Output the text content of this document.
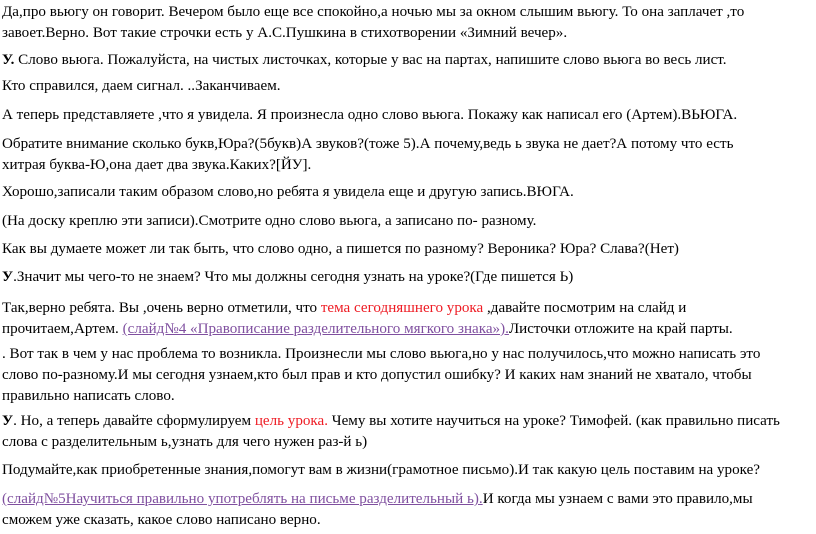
Да,про вьюгу он говорит. Вечером было еще все спокойно,а ночью мы за окном слышим вьюгу. То она заплачет ,то
завоет.Верно. Вот такие строчки есть у А.С.Пушкина в стихотворении «Зимний вечер».

У. Слово вьюга. Пожалуйста, на чистых листочках, которые у вас на партах, напишите слово вьюга во весь лист.

Кто справился, даем сигнал. ..Заканчиваем.

А теперь представляете ,что я увидела. Я произнесла одно слово вьюга. Покажу как написал его (Артем).ВЬЮГА.

Обратите внимание сколько букв,Юра?(5букв)А звуков?(тоже 5).А почему,ведь ь звука не дает?А потому что есть
хитрая буква-Ю,она дает два звука.Каких?[ЙУ].

Хорошо,записали таким образом слово,но ребята я увидела еще и другую запись.ВЮГА.

(На доску креплю эти записи).Смотрите одно слово вьюга, а записано по- разному.

Как вы думаете может ли так быть, что слово одно, а пишется по разному? Вероника? Юра? Слава?(Нет)

У.Значит мы чего-то не знаем? Что мы должны сегодня узнать на уроке?(Где пишется Ь)

Так,верно ребята. Вы ,очень верно отметили, что тема сегодняшнего урока ,давайте посмотрим на слайд и
прочитаем,Артем. (слайд№4 «Правописание разделительного мягкого знака»).Листочки отложите на край парты.

. Вот так в чем у нас проблема то возникла. Произнесли мы слово вьюга,но у нас получилось,что можно написать это
слово по-разному.И мы сегодня узнаем,кто был прав и кто допустил ошибку? И каких нам знаний не хватало, чтобы
правильно написать слово.

У. Но, а теперь давайте сформулируем цель урока. Чему вы хотите научиться на уроке? Тимофей. (как правильно писать
слова с разделительным ь,узнать для чего нужен раз-й ь)

Подумайте,как приобретенные знания,помогут вам в жизни(грамотное письмо).И так какую цель поставим на уроке?

(слайд№5Научиться правильно употреблять на письме разделительный ь).И когда мы узнаем с вами это правило,мы
сможем уже сказать, какое слово написано верно.
